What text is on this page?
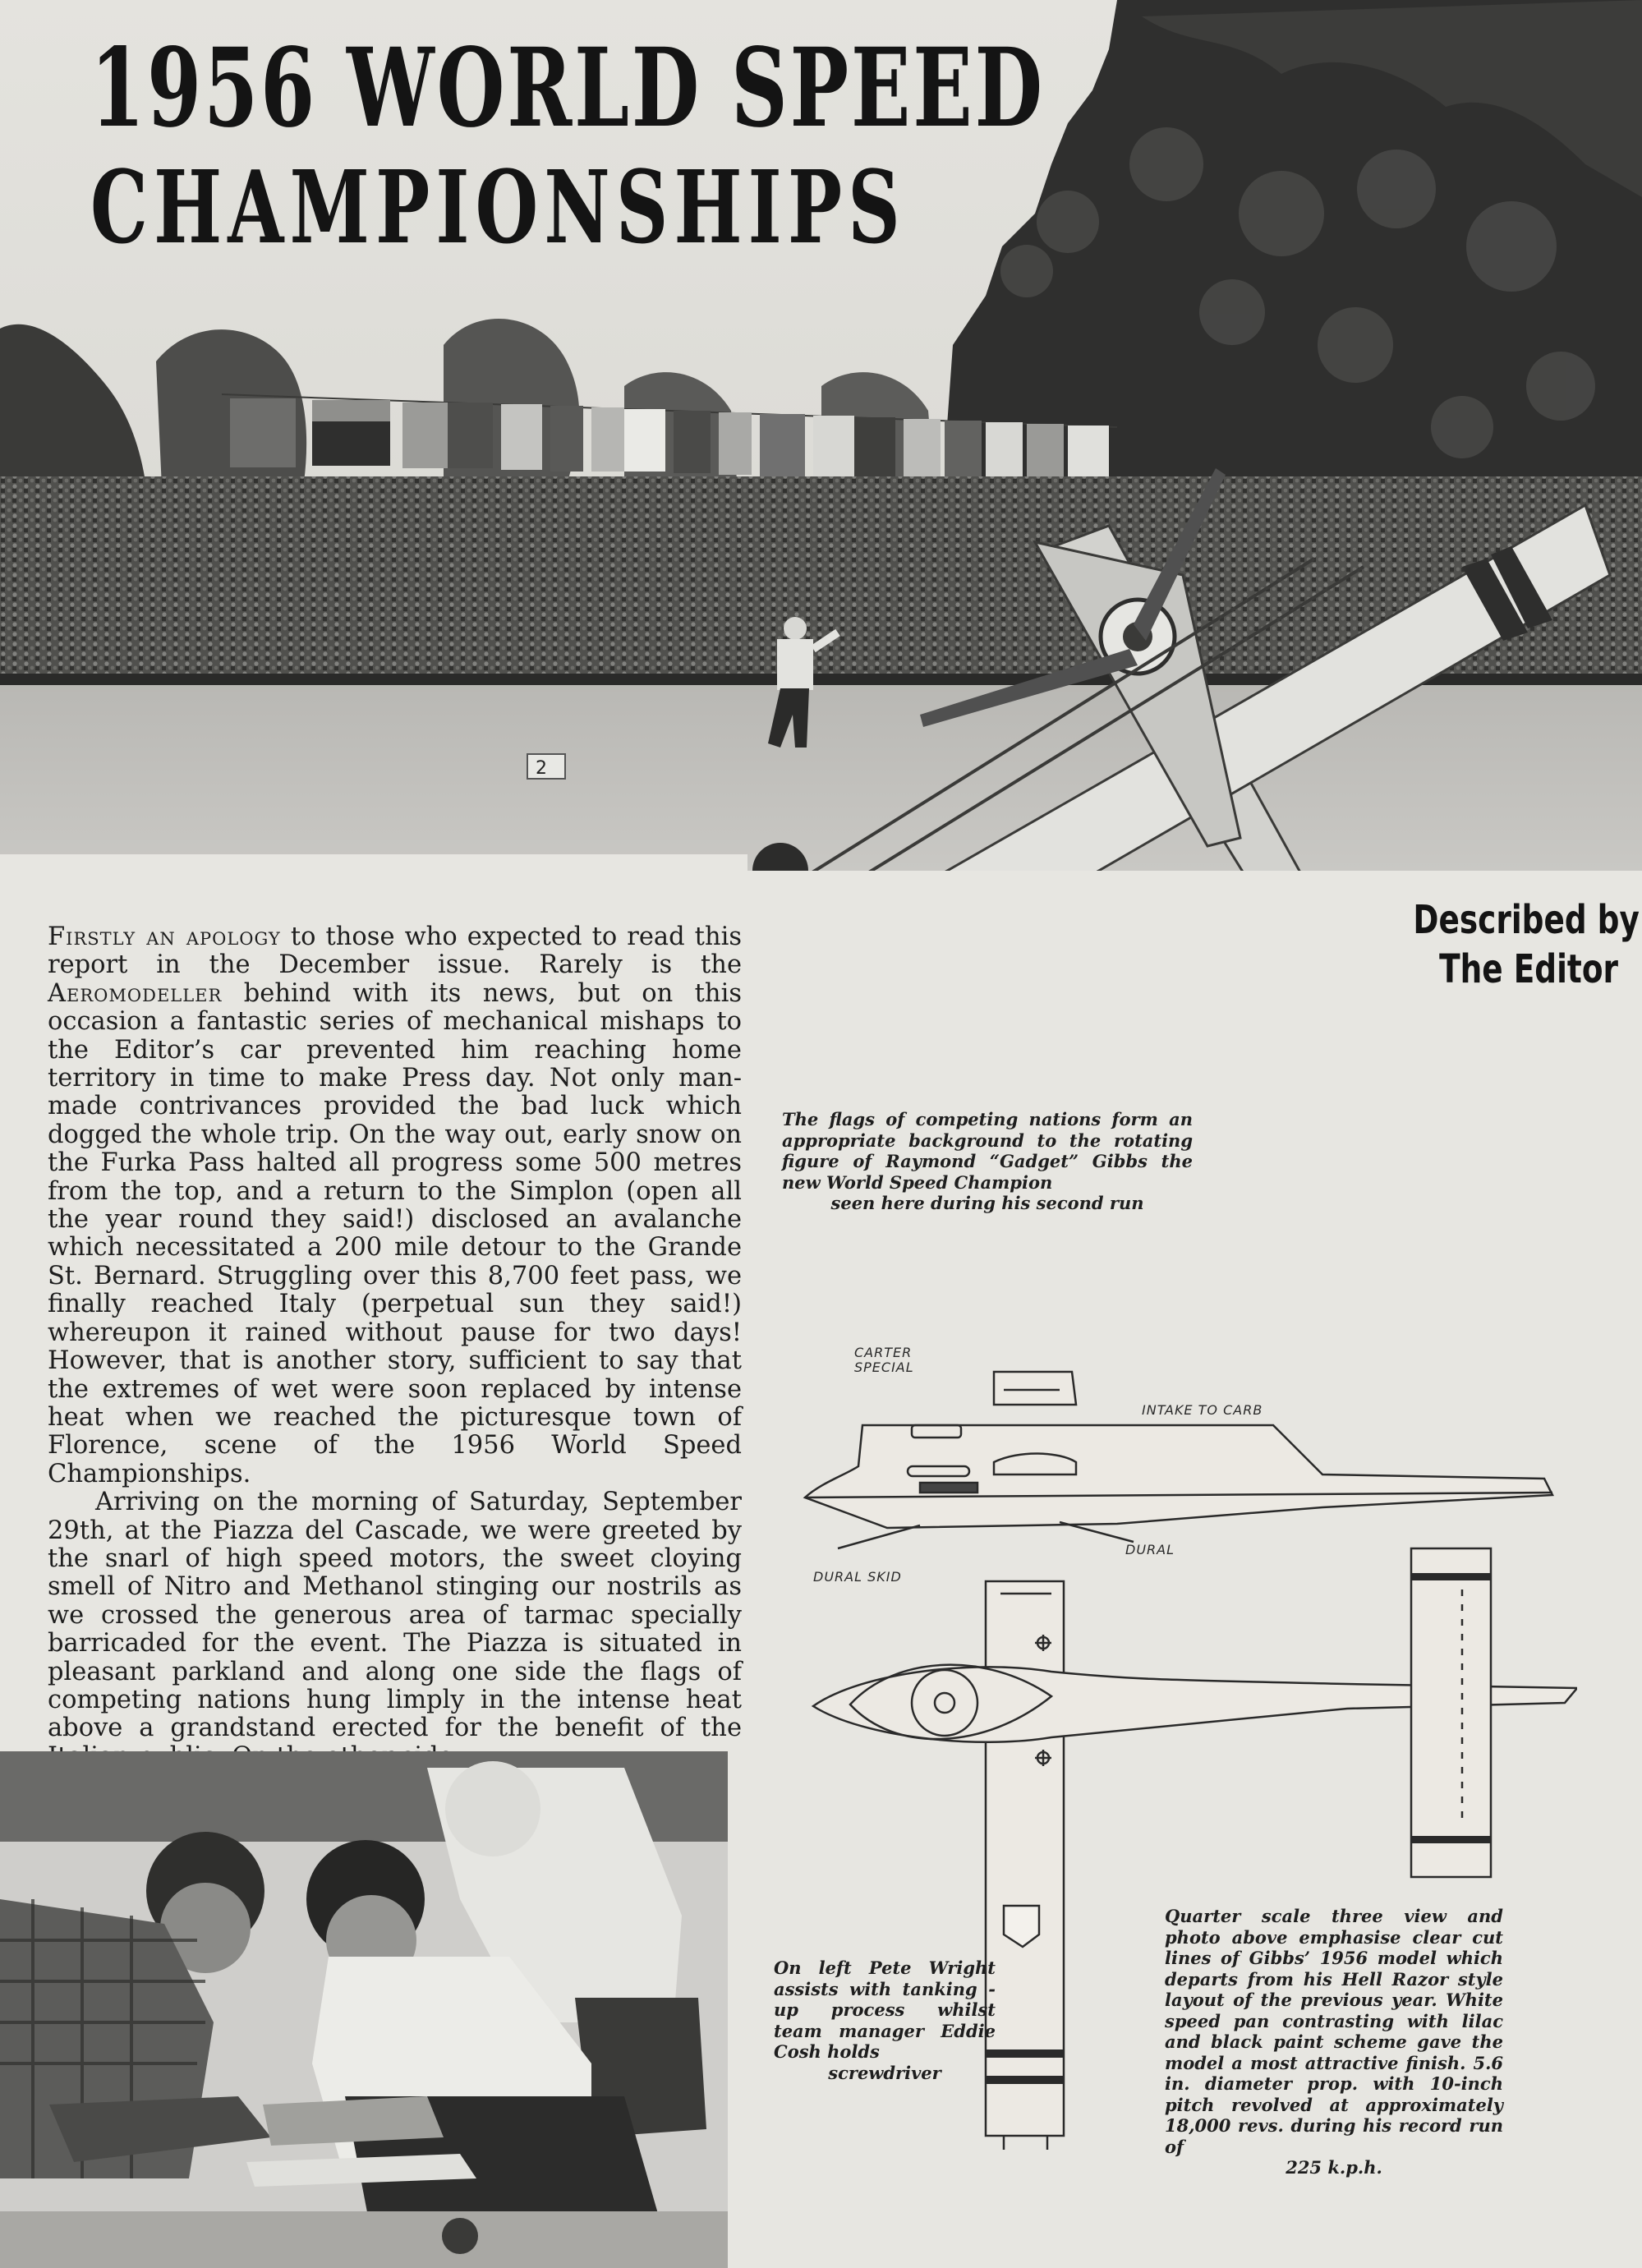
2
1956 WORLD SPEED
CHAMPIONSHIPS
Described by
The Editor

Firstly an apology to those who expected to read this report in the December issue. Rarely is the Aeromodeller behind with its news, but on this occasion a fantastic series of mechanical mishaps to the Editor’s car prevented him reaching home territory in time to make Press day. Not only man-made contrivances provided the bad luck which dogged the whole trip. On the way out, early snow on the Furka Pass halted all progress some 500 metres from the top, and a return to the Simplon (open all the year round they said!) disclosed an avalanche which necessitated a 200 mile detour to the Grande St. Bernard. Struggling over this 8,700 feet pass, we finally reached Italy (perpetual sun they said!) whereupon it rained without pause for two days! However, that is another story, sufficient to say that the extremes of wet were soon replaced by intense heat when we reached the picturesque town of Florence, scene of the 1956 World Speed Championships.

Arriving on the morning of Saturday, September 29th, at the Piazza del Cascade, we were greeted by the snarl of high speed motors, the sweet cloying smell of Nitro and Methanol stinging our nostrils as we crossed the generous area of tarmac specially barricaded for the event. The Piazza is situated in pleasant parkland and along one side the flags of competing nations hung limply in the intense heat above a grandstand erected for the benefit of the

The flags of competing nations form an appropriate background to the rotating figure of Raymond “Gadget” Gibbs the new World Speed Champion
seen here during his second run
CARTER
SPECIAL
INTAKE TO CARB
DURAL
DURAL SKID
On left Pete Wright assists with tanking - up process whilst team manager Eddie Cosh holds
screwdriver
Quarter scale three view and photo above emphasise clear cut lines of Gibbs’ 1956 model which departs from his Hell Razor style layout of the previous year. White speed pan contrasting with lilac and black paint scheme gave the model a most attractive finish. 5.6 in. diameter prop. with 10-inch pitch revolved at approximately 18,000 revs. during his record run of
225 k.p.h.
